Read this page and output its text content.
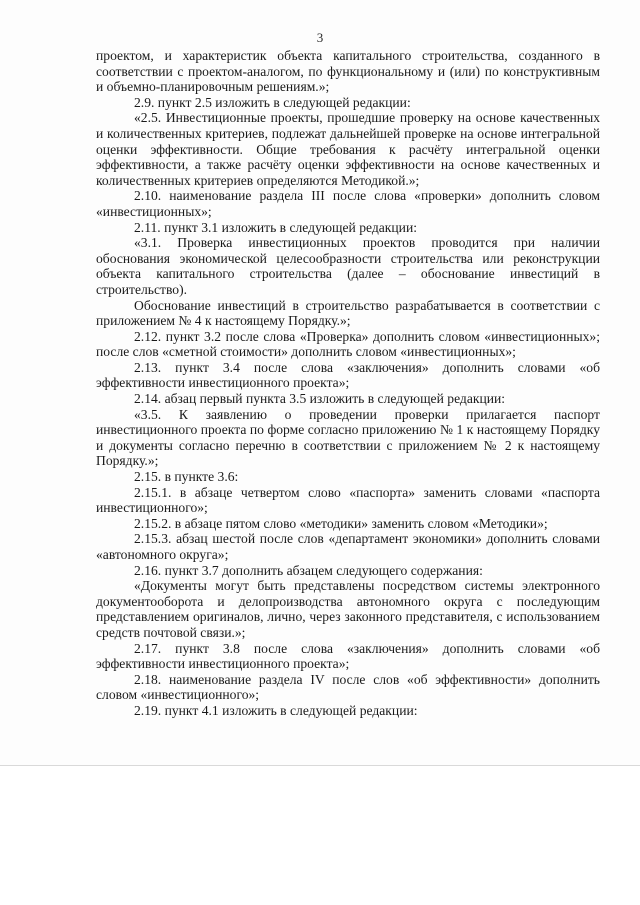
3

проектом, и характеристик объекта капитального строительства, созданного в соответствии с проектом-аналогом, по функциональному и (или) по конструктивным и объемно-планировочным решениям.»;

2.9. пункт 2.5 изложить в следующей редакции:

«2.5. Инвестиционные проекты, прошедшие проверку на основе качественных и количественных критериев, подлежат дальнейшей проверке на основе интегральной оценки эффективности. Общие требования к расчёту интегральной оценки эффективности, а также расчёту оценки эффективности на основе качественных и количественных критериев определяются Методикой.»;

2.10. наименование раздела III после слова «проверки» дополнить словом «инвестиционных»;

2.11. пункт 3.1 изложить в следующей редакции:

«3.1. Проверка инвестиционных проектов проводится при наличии обоснования экономической целесообразности строительства или реконструкции объекта капитального строительства (далее – обоснование инвестиций в строительство).

Обоснование инвестиций в строительство разрабатывается в соответствии с приложением № 4 к настоящему Порядку.»;

2.12. пункт 3.2 после слова «Проверка» дополнить словом «инвестиционных»; после слов «сметной стоимости» дополнить словом «инвестиционных»;

2.13. пункт 3.4 после слова «заключения» дополнить словами «об эффективности инвестиционного проекта»;

2.14. абзац первый пункта 3.5 изложить в следующей редакции:

«3.5. К заявлению о проведении проверки прилагается паспорт инвестиционного проекта по форме согласно приложению № 1 к настоящему Порядку и документы согласно перечню в соответствии с приложением № 2 к настоящему Порядку.»;

2.15. в пункте 3.6:

2.15.1. в абзаце четвертом слово «паспорта» заменить словами «паспорта инвестиционного»;

2.15.2. в абзаце пятом слово «методики» заменить словом «Методики»;

2.15.3. абзац шестой после слов «департамент экономики» дополнить словами «автономного округа»;

2.16. пункт 3.7 дополнить абзацем следующего содержания:

«Документы могут быть представлены посредством системы электронного документооборота и делопроизводства автономного округа с последующим представлением оригиналов, лично, через законного представителя, с использованием средств почтовой связи.»;

2.17. пункт 3.8 после слова «заключения» дополнить словами «об эффективности инвестиционного проекта»;

2.18. наименование раздела IV после слов «об эффективности» дополнить словом «инвестиционного»;

2.19. пункт 4.1 изложить в следующей редакции:
